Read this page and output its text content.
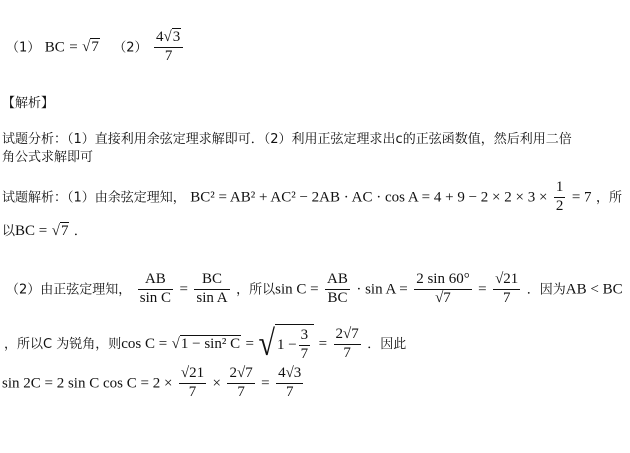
（1） BC = √7 $(2) \frac{4√3}{7}$
【解析】
试题分析：（1）直接利用余弦定理求解即可．（2）利用正弦定理求出c的正弦函数值，然后利用二倍
角公式求解即可
试题解析：（1）由余弦定理知， BC² = AB² + AC² − 2AB · AC · $\cos A = 4 + 9 - 2 \times 2 \times 3 \times \frac{1}{2} = 7$ ，所
以BC = √7 ．
（2）由正弦定理知， $\frac{AB}{\text{sin C}} = \frac{BC}{\text{sin A}}$ ，所以$\sin C = \frac{AB}{BC} \cdot \sin A = \frac{2 \sin 60^\circ}{√7} = \frac{√21}{7}$ ．因为AB < BC
，所以C 为锐角，则cos C = √1 − sin² C = √ $1 - \frac{3}{7} = \frac{2√7}{7}$ ．因此
sin 2C = 2 sin C $\cos C = 2 \times \frac{√21}{7} \times \frac{2√7}{7} = \frac{4√3}{7}$
